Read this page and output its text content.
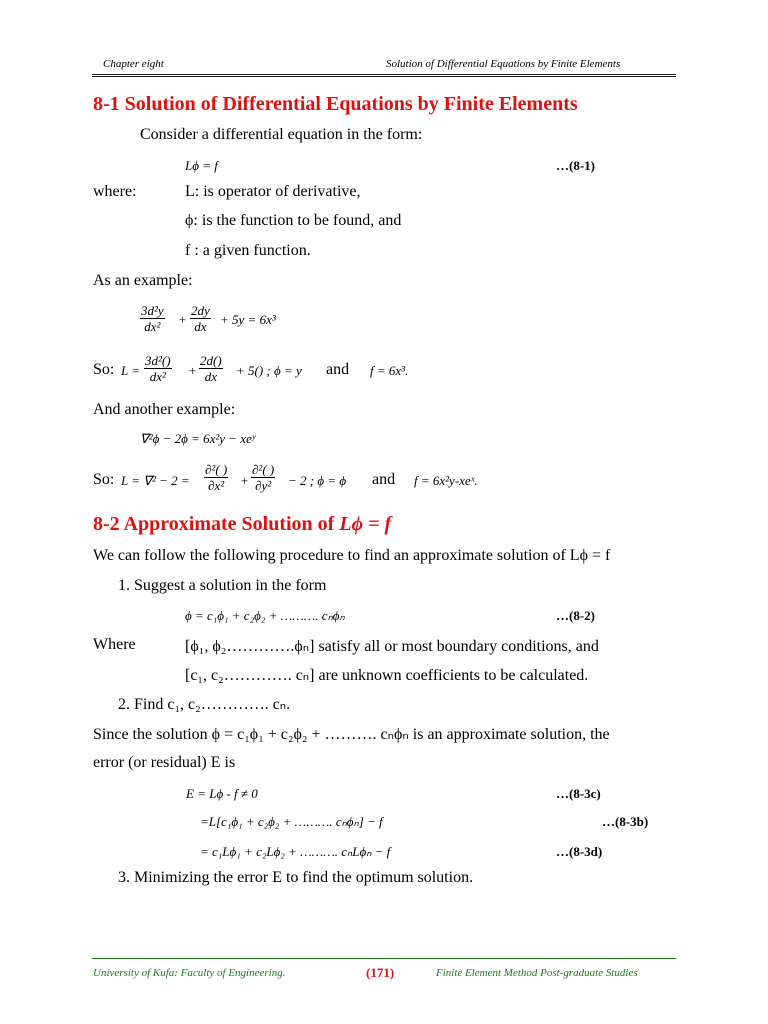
Chapter eight	Solution of Differential Equations by Finite Elements
8-1 Solution of Differential Equations by Finite Elements
Consider a differential equation in the form:
Lϕ = f	…(8-1)
where:	L: is operator of derivative,
ϕ: is the function to be found, and
f : a given function.
As an example:
3d²y
dx²	+
2dy
dx	+ 5y = 6x³
So: L =
3d²()
dx²	+
2d()
dx	+ 5() ; ϕ = y and f = 6x³.
And another example:
∇²ϕ − 2ϕ = 6x²y − xeʸ
So: L = ∇² − 2 =
∂²( )
∂x²	+
∂²( )
∂y²	− 2 ; ϕ = ϕ and f = 6x²y-xeˣ.
8-2 Approximate Solution of Lϕ = f
We can follow the following procedure to find an approximate solution of Lϕ = f
1. Suggest a solution in the form
ϕ = c₁ϕ₁ + c₂ϕ₂ + ………. cₙϕₙ	…(8-2)
Where	[ϕ₁, ϕ₂………….ϕₙ] satisfy all or most boundary conditions, and
[c₁, c₂…………. cₙ] are unknown coefficients to be calculated.
2. Find c₁, c₂…………. cₙ.
Since the solution ϕ = c₁ϕ₁ + c₂ϕ₂ + ………. cₙϕₙ is an approximate solution, the
error (or residual) E is
E = Lϕ - f ≠ 0	…(8-3c)
=L[c₁ϕ₁ + c₂ϕ₂ + ………. cₙϕₙ] − f	…(8-3b)
= c₁Lϕ₁ + c₂Lϕ₂ + ………. cₙLϕₙ − f	…(8-3d)
3. Minimizing the error E to find the optimum solution.
University of Kufa: Faculty of Engineering.	(171)	Finite Element Method Post-graduate Studies
